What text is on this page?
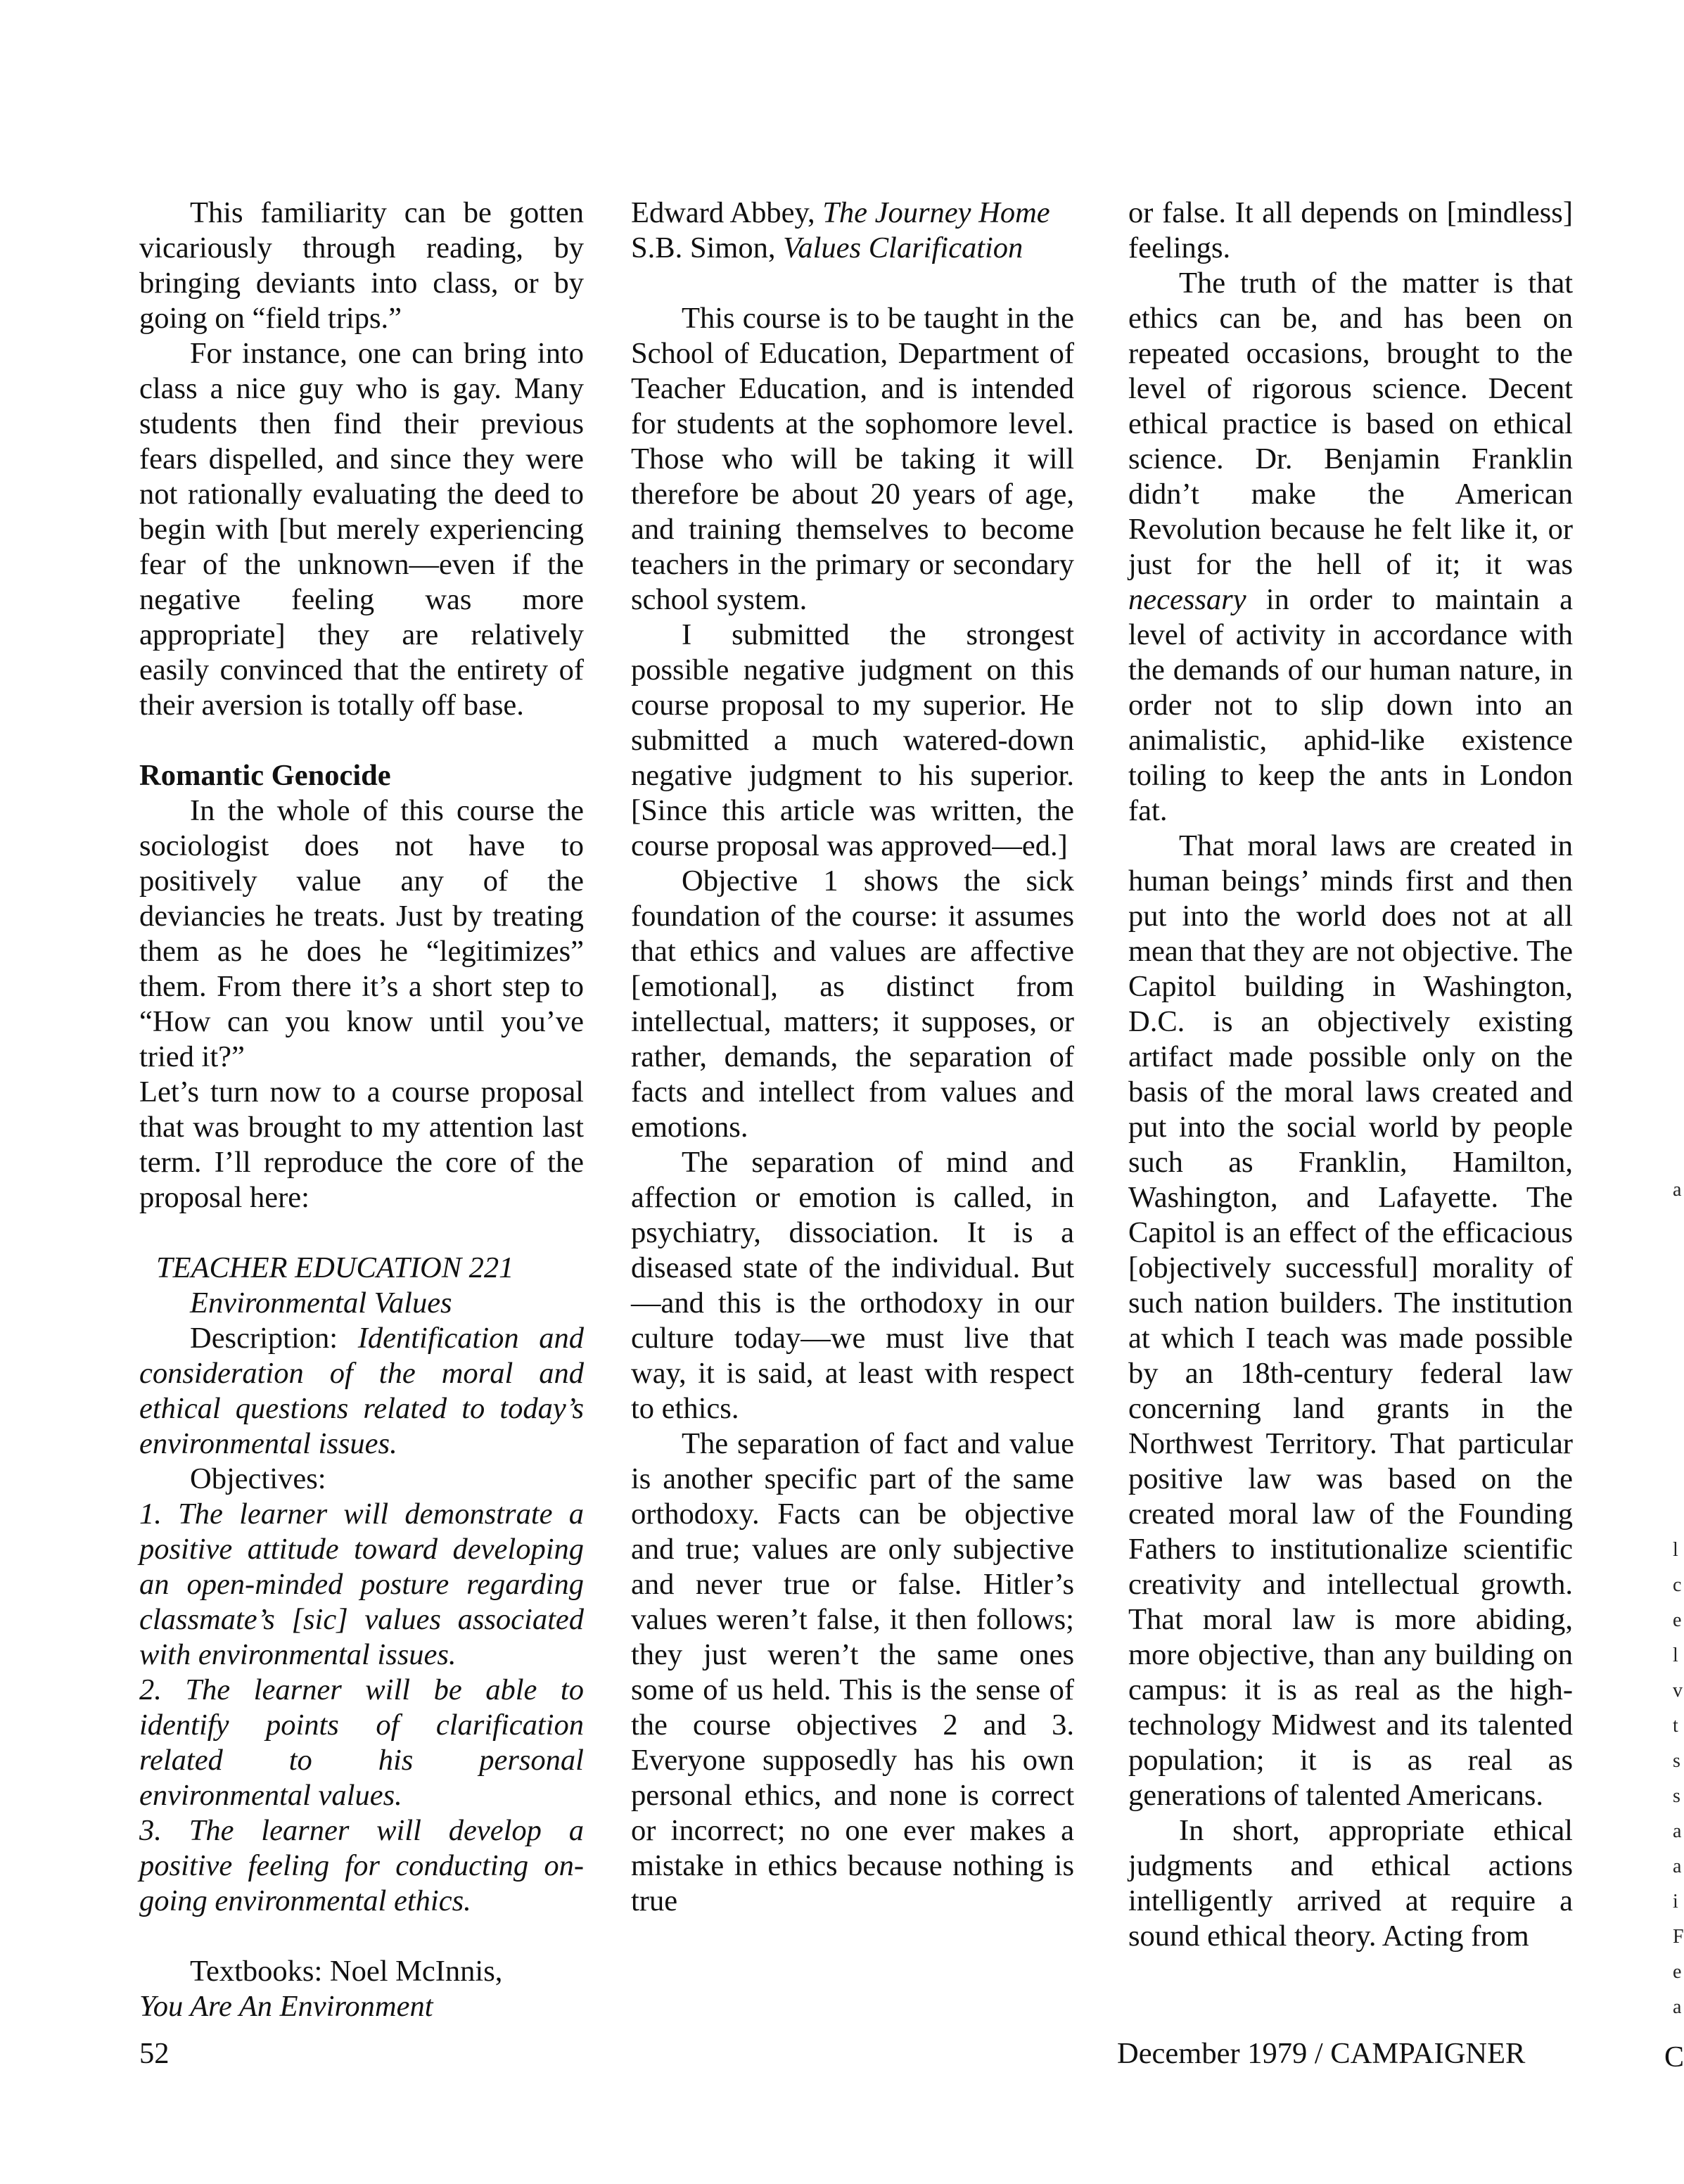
This familiarity can be gotten vicariously through reading, by bringing deviants into class, or by going on “field trips.”

For instance, one can bring into class a nice guy who is gay. Many students then find their previous fears dispelled, and since they were not rationally evaluating the deed to begin with [but merely experiencing fear of the unknown—even if the negative feeling was more appropriate] they are relatively easily convinced that the entirety of their aversion is totally off base.

Romantic Genocide

In the whole of this course the sociologist does not have to positively value any of the deviancies he treats. Just by treating them as he does he “legitimizes” them. From there it’s a short step to “How can you know until you’ve tried it?”

Let’s turn now to a course proposal that was brought to my attention last term. I’ll reproduce the core of the proposal here:

TEACHER EDUCATION 221

Environmental Values

Description: Identification and consideration of the moral and ethical questions related to today’s environmental issues.

Objectives:

1. The learner will demonstrate a positive attitude toward developing an open-minded posture regarding classmate’s [sic] values associated with environmental issues.

2. The learner will be able to identify points of clarification related to his personal environmental values.

3. The learner will develop a positive feeling for conducting on-going environmental ethics.

Textbooks: Noel McInnis,

You Are An Environment

Edward Abbey, The Journey Home

S.B. Simon, Values Clarification

This course is to be taught in the School of Education, Department of Teacher Education, and is intended for students at the sophomore level. Those who will be taking it will therefore be about 20 years of age, and training themselves to become teachers in the primary or secondary school system.

I submitted the strongest possible negative judgment on this course proposal to my superior. He submitted a much watered-down negative judgment to his superior. [Since this article was written, the course proposal was approved—ed.]

Objective 1 shows the sick foundation of the course: it assumes that ethics and values are affective [emotional], as distinct from intellectual, matters; it supposes, or rather, demands, the separation of facts and intellect from values and emotions.

The separation of mind and affection or emotion is called, in psychiatry, dissociation. It is a diseased state of the individual. But—and this is the orthodoxy in our culture today—we must live that way, it is said, at least with respect to ethics.

The separation of fact and value is another specific part of the same orthodoxy. Facts can be objective and true; values are only subjective and never true or false. Hitler’s values weren’t false, it then follows; they just weren’t the same ones some of us held. This is the sense of the course objectives 2 and 3. Everyone supposedly has his own personal ethics, and none is correct or incorrect; no one ever makes a mistake in ethics because nothing is true

or false. It all depends on [mindless] feelings.

The truth of the matter is that ethics can be, and has been on repeated occasions, brought to the level of rigorous science. Decent ethical practice is based on ethical science. Dr. Benjamin Franklin didn’t make the American Revolution because he felt like it, or just for the hell of it; it was necessary in order to maintain a level of activity in accordance with the demands of our human nature, in order not to slip down into an animalistic, aphid-like existence toiling to keep the ants in London fat.

That moral laws are created in human beings’ minds first and then put into the world does not at all mean that they are not objective. The Capitol building in Washington, D.C. is an objectively existing artifact made possible only on the basis of the moral laws created and put into the social world by people such as Franklin, Hamilton, Washington, and Lafayette. The Capitol is an effect of the efficacious [objectively successful] morality of such nation builders. The institution at which I teach was made possible by an 18th-century federal law concerning land grants in the Northwest Territory. That particular positive law was based on the created moral law of the Founding Fathers to institutionalize scientific creativity and intellectual growth. That moral law is more abiding, more objective, than any building on campus: it is as real as the high-technology Midwest and its talented population; it is as real as generations of talented Americans.

In short, appropriate ethical judgments and ethical actions intelligently arrived at require a sound ethical theory. Acting from

52	December 1979 / CAMPAIGNER
a
l
c
e
l
v
t
s
s
a
a
i
F
e
a
C
